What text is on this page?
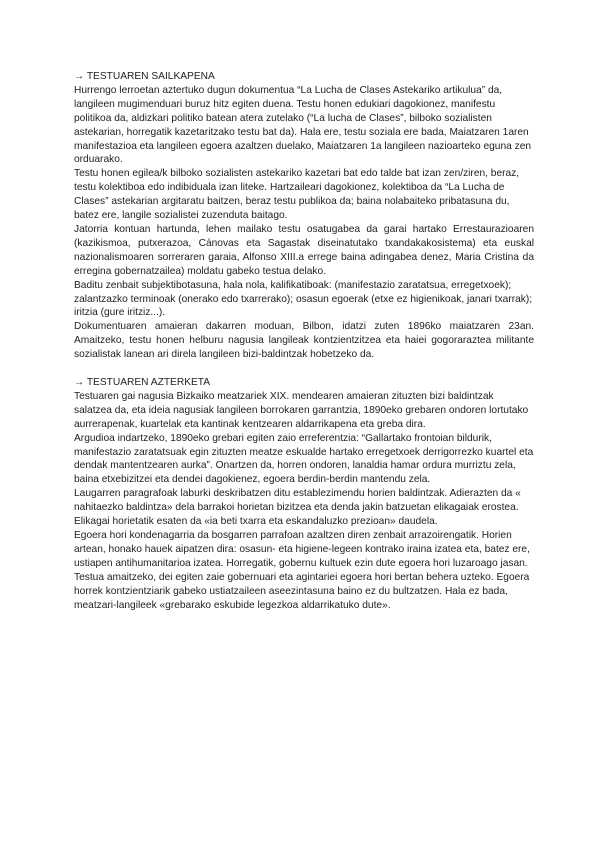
→ TESTUAREN SAILKAPENA

Hurrengo lerroetan aztertuko dugun dokumentua “La Lucha de Clases Astekariko artikulua” da, langileen mugimenduari buruz hitz egiten duena. Testu honen edukiari dagokionez, manifestu politikoa da, aldizkari politiko batean atera zutelako (“La lucha de Clases”, bilboko sozialisten astekarian, horregatik kazetaritzako testu bat da). Hala ere, testu soziala ere bada, Maiatzaren 1aren manifestazioa eta langileen egoera azaltzen duelako, Maiatzaren 1a langileen nazioarteko eguna zen orduarako.

Testu honen egilea/k bilboko sozialisten astekariko kazetari bat edo talde bat izan zen/ziren, beraz, testu kolektiboa edo indibiduala izan liteke. Hartzaileari dagokionez, kolektiboa da “La Lucha de Clases” astekarian argitaratu baitzen, beraz testu publikoa da; baina nolabaiteko pribatasuna du, batez ere, langile sozialistei zuzenduta baitago.

Jatorria kontuan hartunda, lehen mailako testu osatugabea da garai hartako Errestaurazioaren (kazikismoa, putxerazoa, Cánovas eta Sagastak diseinatutako txandakakosistema) eta euskal nazionalismoaren sorreraren garaia, Alfonso XIII.a errege baina adingabea denez, Maria Cristina da erregina gobernatzailea) moldatu gabeko testua delako.

Baditu zenbait subjektibotasuna, hala nola, kalifikatiboak: (manifestazio zaratatsua, erregetxoek); zalantzazko terminoak (onerako edo txarrerako); osasun egoerak (etxe ez higienikoak, janari txarrak); iritzia (gure iritziz...).

Dokumentuaren amaieran dakarren moduan, Bilbon, idatzi zuten 1896ko maiatzaren 23an. Amaitzeko, testu honen helburu nagusia langileak kontzientzitzea eta haiei gogoraraztea militante sozialistak lanean ari direla langileen bizi-baldintzak hobetzeko da.

→ TESTUAREN AZTERKETA

Testuaren gai nagusia Bizkaiko meatzariek XIX. mendearen amaieran zituzten bizi baldintzak salatzea da, eta ideia nagusiak langileen borrokaren garrantzia, 1890eko grebaren ondoren lortutako aurrerapenak, kuartelak eta kantinak kentzearen aldarrikapena eta greba dira.

Argudioa indartzeko, 1890eko grebari egiten zaio erreferentzia: “Gallartako frontoian bildurik, manifestazio zaratatsuak egin zituzten meatze eskualde hartako erregetxoek derrigorrezko kuartel eta dendak mantentzearen aurka”. Onartzen da, horren ondoren, lanaldia hamar ordura murriztu zela, baina etxebizitzei eta dendei dagokienez, egoera berdin-berdin mantendu zela.

Laugarren paragrafoak laburki deskribatzen ditu establezimendu horien baldintzak. Adierazten da « nahitaezko baldintza» dela barrakoi horietan bizitzea eta denda jakin batzuetan elikagaiak erostea. Elikagai horietatik esaten da «ia beti txarra eta eskandaluzko prezioan» daudela.

Egoera hori kondenagarria da bosgarren parrafoan azaltzen diren zenbait arrazoirengatik. Horien artean, honako hauek aipatzen dira: osasun- eta higiene-legeen kontrako iraina izatea eta, batez ere, ustiapen antihumanitarioa izatea. Horregatik, gobernu kultuek ezin dute egoera hori luzaroago jasan.

Testua amaitzeko, dei egiten zaie gobernuari eta agintariei egoera hori bertan behera uzteko. Egoera horrek kontzientziarik gabeko ustiatzaileen aseezintasuna baino ez du bultzatzen. Hala ez bada, meatzari-langileek «grebarako eskubide legezkoa aldarrikatuko dute».
